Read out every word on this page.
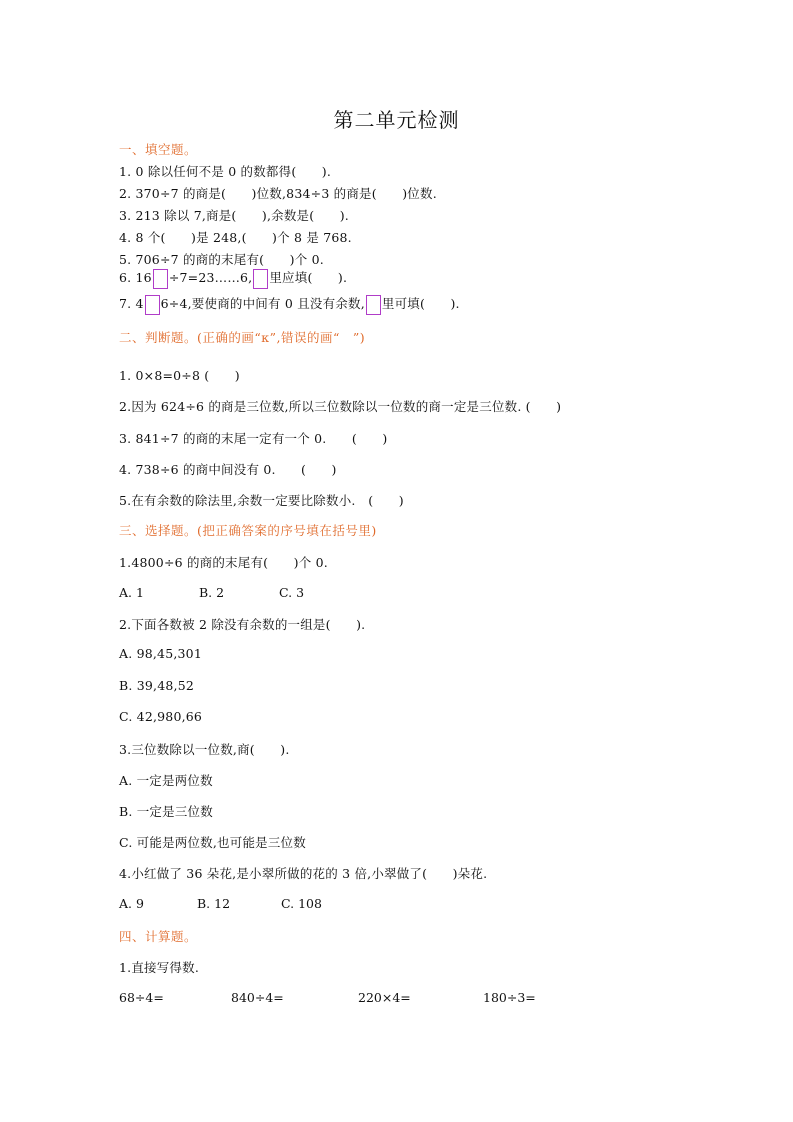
第二单元检测
一、填空题。
1. 0 除以任何不是 0 的数都得(　　).
2. 370÷7 的商是(　　)位数,834÷3 的商是(　　)位数.
3. 213 除以 7,商是(　　),余数是(　　).
4. 8 个(　　)是 248,(　　)个 8 是 768.
5. 706÷7 的商的末尾有(　　)个 0.
6. 16 ÷7=23……6, 里应填(　　).
7. 4 6÷4,要使商的中间有 0 且没有余数, 里可填(　　).
二、判断题。(正确的画“κ”,错误的画“　”)
1. 0×8=0÷8 (　　)
2.因为 624÷6 的商是三位数,所以三位数除以一位数的商一定是三位数. (　　)
3. 841÷7 的商的末尾一定有一个 0.　　(　　)
4. 738÷6 的商中间没有 0.　　(　　)
5.在有余数的除法里,余数一定要比除数小.　(　　)
三、选择题。(把正确答案的序号填在括号里)
1.4800÷6 的商的末尾有(　　)个 0.
A. 1	B. 2	C. 3
2.下面各数被 2 除没有余数的一组是(　　).
A. 98,45,301
B. 39,48,52
C. 42,980,66
3.三位数除以一位数,商(　　).
A. 一定是两位数
B. 一定是三位数
C. 可能是两位数,也可能是三位数
4.小红做了 36 朵花,是小翠所做的花的 3 倍,小翠做了(　　)朵花.
A. 9	B. 12	C. 108
四、计算题。
1.直接写得数.
68÷4=	840÷4=	220×4=	180÷3=
